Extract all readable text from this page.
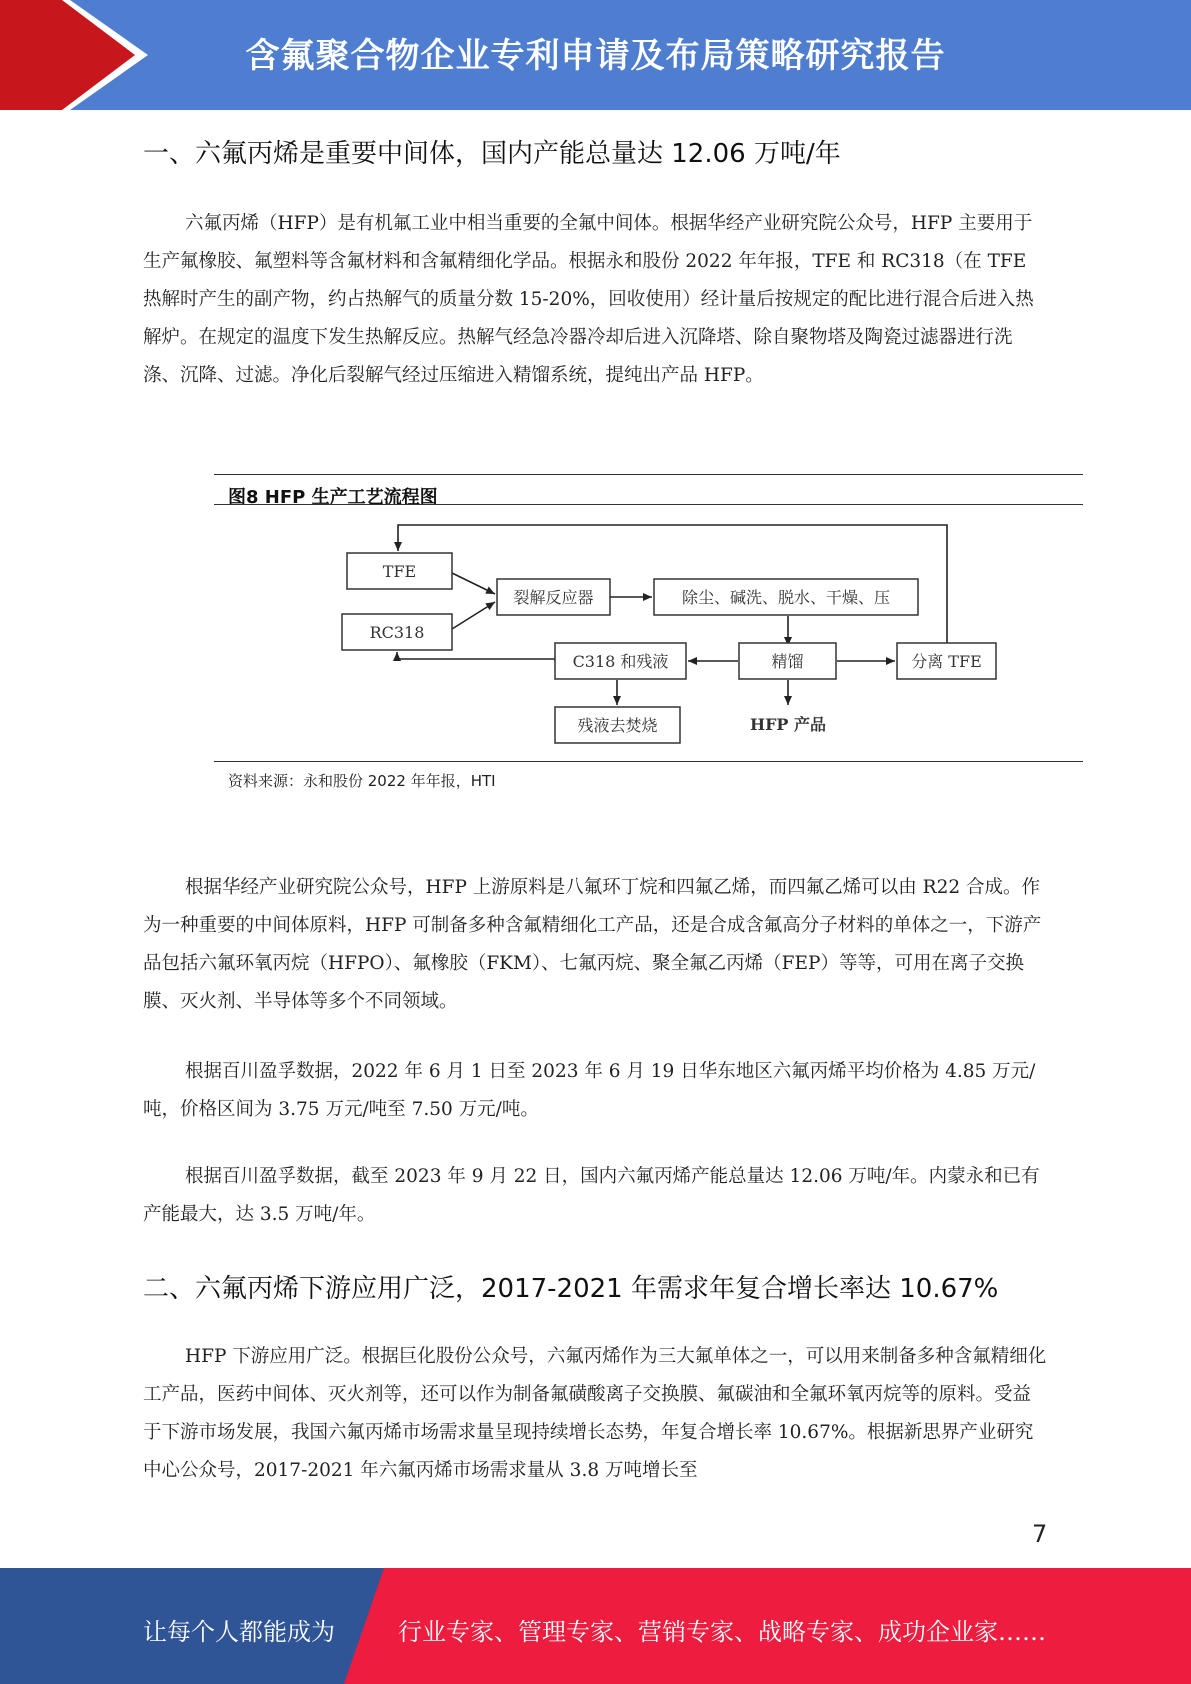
含氟聚合物企业专利申请及布局策略研究报告
一、六氟丙烯是重要中间体，国内产能总量达 12.06 万吨/年

六氟丙烯（HFP）是有机氟工业中相当重要的全氟中间体。根据华经产业研究院公众号，HFP 主要用于生产氟橡胶、氟塑料等含氟材料和含氟精细化学品。根据永和股份 2022 年年报，TFE 和 RC318（在 TFE 热解时产生的副产物，约占热解气的质量分数 15-20%，回收使用）经计量后按规定的配比进行混合后进入热解炉。在规定的温度下发生热解反应。热解气经急冷器冷却后进入沉降塔、除自聚物塔及陶瓷过滤器进行洗涤、沉降、过滤。净化后裂解气经过压缩进入精馏系统，提纯出产品 HFP。

图8 HFP 生产工艺流程图
TFE
RC318
裂解反应器	除尘、碱洗、脱水、干燥、压
C318 和残液	精馏	分离 TFE
残液去焚烧	HFP 产品
资料来源：永和股份 2022 年年报，HTI

根据华经产业研究院公众号，HFP 上游原料是八氟环丁烷和四氟乙烯，而四氟乙烯可以由 R22 合成。作为一种重要的中间体原料，HFP 可制备多种含氟精细化工产品，还是合成含氟高分子材料的单体之一，下游产品包括六氟环氧丙烷（HFPO）、氟橡胶（FKM）、七氟丙烷、聚全氟乙丙烯（FEP）等等，可用在离子交换膜、灭火剂、半导体等多个不同领域。

根据百川盈孚数据，2022 年 6 月 1 日至 2023 年 6 月 19 日华东地区六氟丙烯平均价格为 4.85 万元/吨，价格区间为 3.75 万元/吨至 7.50 万元/吨。

根据百川盈孚数据，截至 2023 年 9 月 22 日，国内六氟丙烯产能总量达 12.06 万吨/年。内蒙永和已有产能最大，达 3.5 万吨/年。

二、六氟丙烯下游应用广泛，2017-2021 年需求年复合增长率达 10.67%

HFP 下游应用广泛。根据巨化股份公众号，六氟丙烯作为三大氟单体之一，可以用来制备多种含氟精细化工产品，医药中间体、灭火剂等，还可以作为制备氟磺酸离子交换膜、氟碳油和全氟环氧丙烷等的原料。受益于下游市场发展，我国六氟丙烯市场需求量呈现持续增长态势，年复合增长率 10.67%。根据新思界产业研究中心公众号，2017-2021 年六氟丙烯市场需求量从 3.8 万吨增长至

7
让每个人都能成为	行业专家、管理专家、营销专家、战略专家、成功企业家……
